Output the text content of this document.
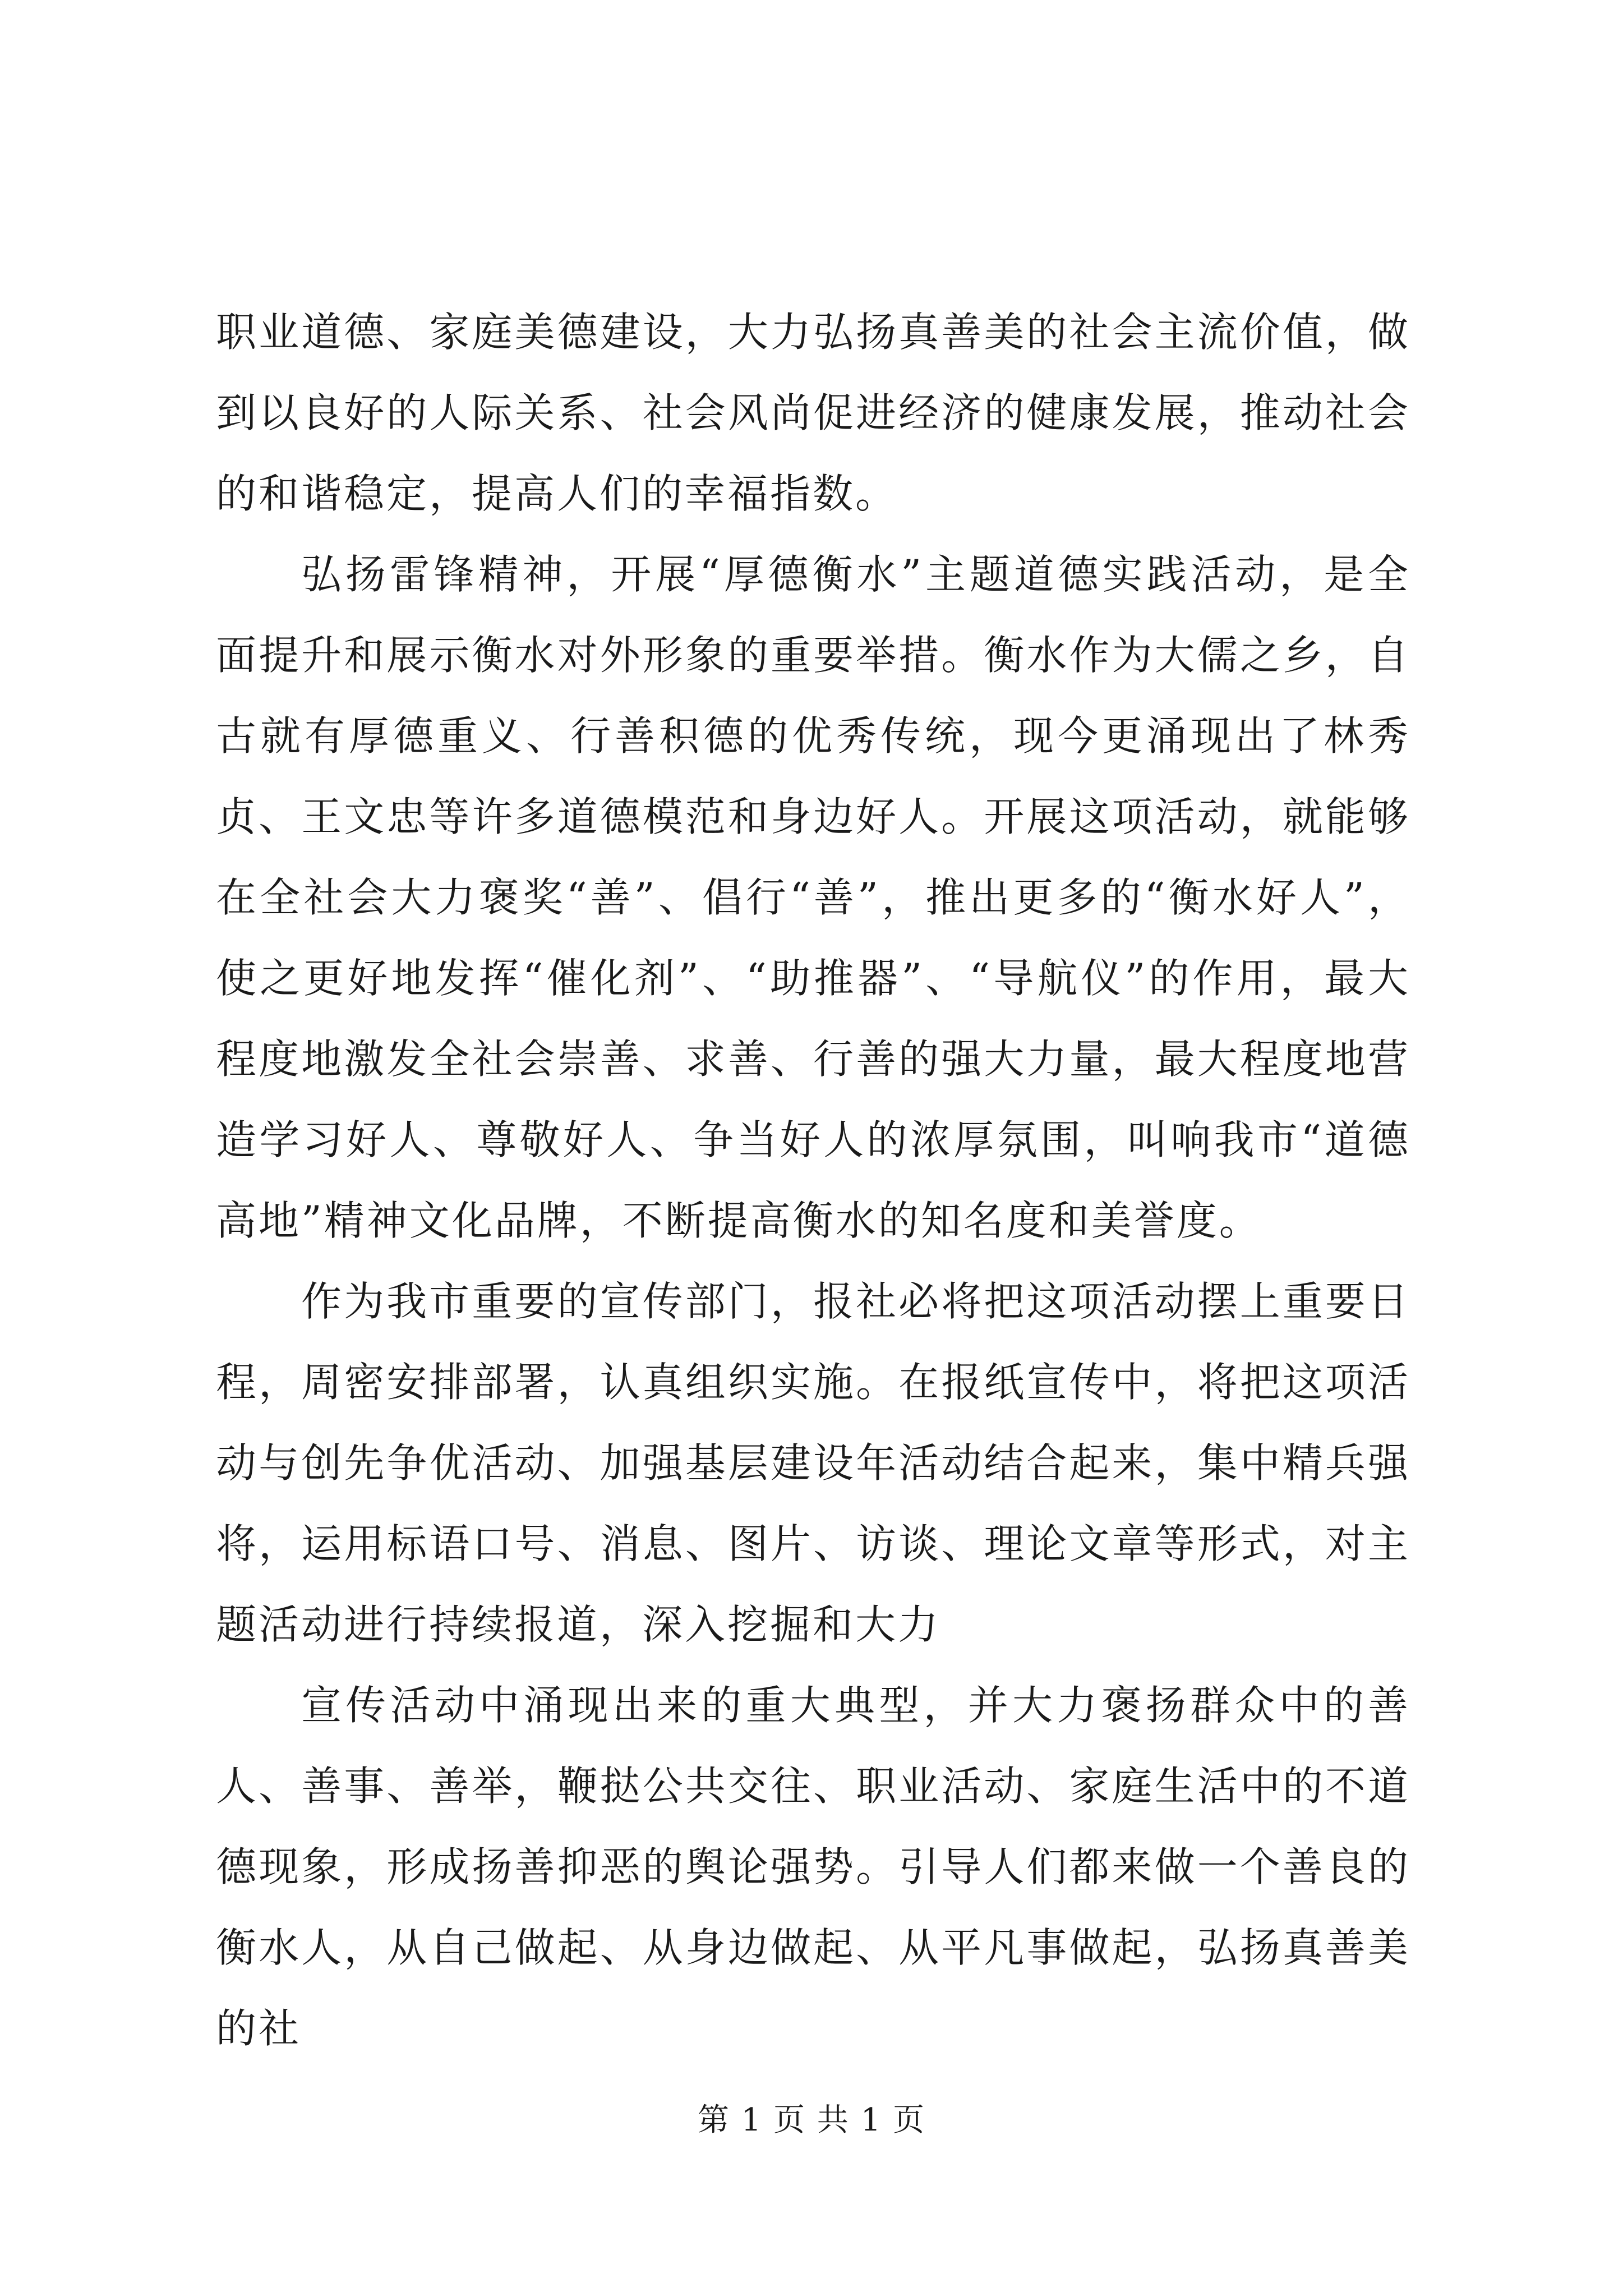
职业道德、家庭美德建设，大力弘扬真善美的社会主流价值，做到以良好的人际关系、社会风尚促进经济的健康发展，推动社会的和谐稳定，提高人们的幸福指数。

弘扬雷锋精神，开展“厚德衡水”主题道德实践活动，是全面提升和展示衡水对外形象的重要举措。衡水作为大儒之乡，自古就有厚德重义、行善积德的优秀传统，现今更涌现出了林秀贞、王文忠等许多道德模范和身边好人。开展这项活动，就能够在全社会大力褒奖“善”、倡行“善”，推出更多的“衡水好人”，使之更好地发挥“催化剂”、“助推器”、“导航仪”的作用，最大程度地激发全社会崇善、求善、行善的强大力量，最大程度地营造学习好人、尊敬好人、争当好人的浓厚氛围，叫响我市“道德高地”精神文化品牌，不断提高衡水的知名度和美誉度。

作为我市重要的宣传部门，报社必将把这项活动摆上重要日程，周密安排部署，认真组织实施。在报纸宣传中，将把这项活动与创先争优活动、加强基层建设年活动结合起来，集中精兵强将，运用标语口号、消息、图片、访谈、理论文章等形式，对主题活动进行持续报道，深入挖掘和大力

宣传活动中涌现出来的重大典型，并大力褒扬群众中的善人、善事、善举，鞭挞公共交往、职业活动、家庭生活中的不道德现象，形成扬善抑恶的舆论强势。引导人们都来做一个善良的衡水人，从自己做起、从身边做起、从平凡事做起，弘扬真善美的社

第 1 页 共 1 页
